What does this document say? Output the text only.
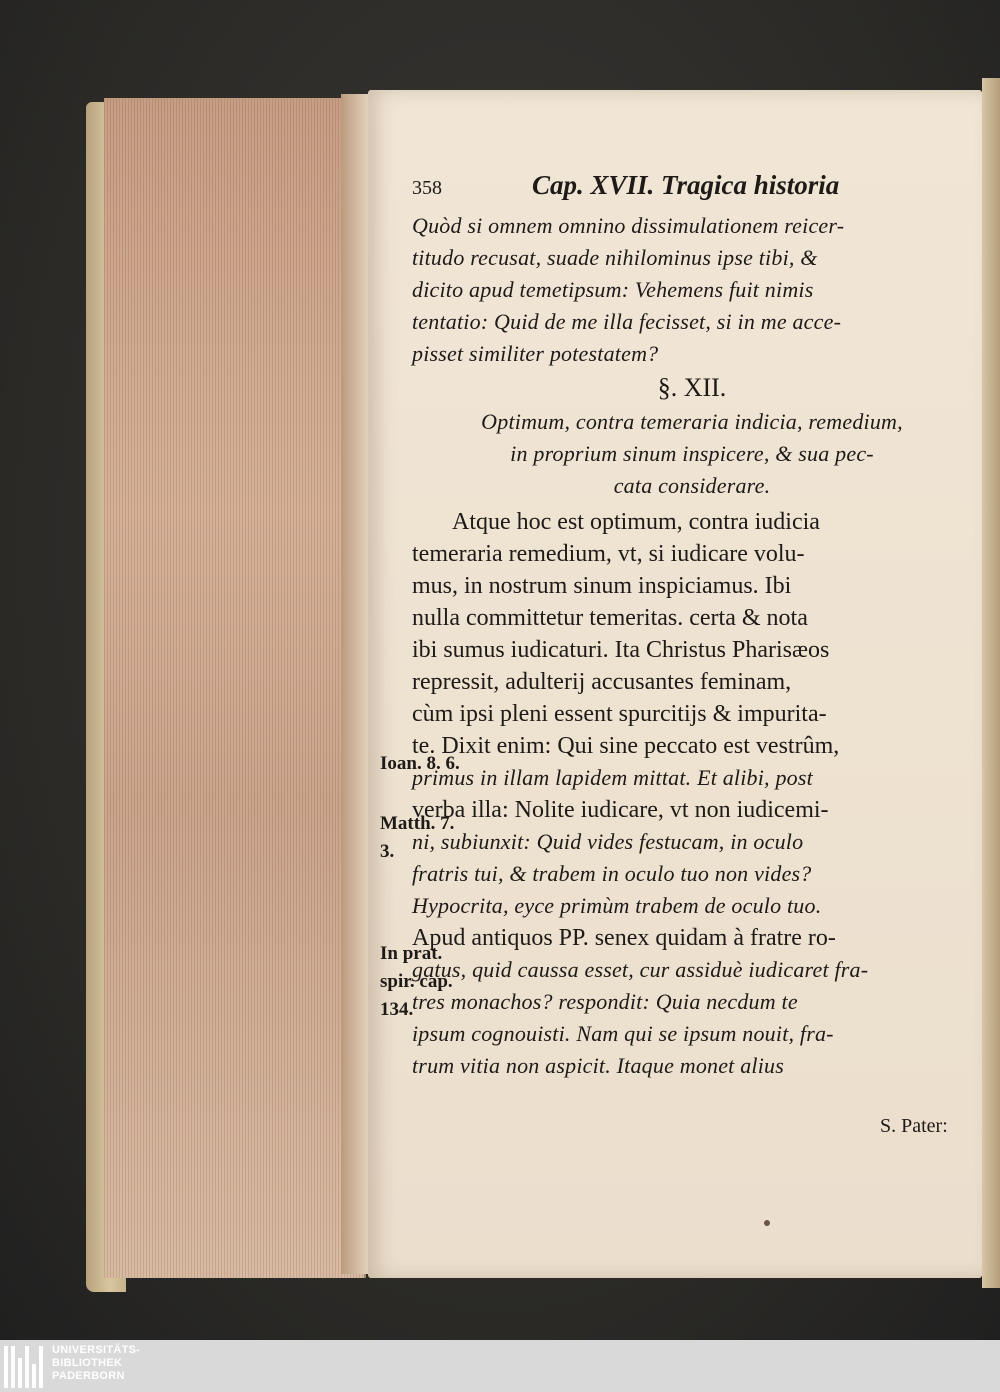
358	Cap. XVII. Tragica historia
Quòd si omnem omnino dissimulationem reicer-
titudo recusat, suade nihilominus ipse tibi, &
dicito apud temetipsum: Vehemens fuit nimis
tentatio: Quid de me illa fecisset, si in me acce-
pisset similiter potestatem?
§. XII.
Optimum, contra temeraria indicia, remedium,
in proprium sinum inspicere, & sua pec-
cata considerare.
Atque hoc est optimum, contra iudicia
temeraria remedium, vt, si iudicare volu-
mus, in nostrum sinum inspiciamus. Ibi
nulla committetur temeritas. certa & nota
ibi sumus iudicaturi. Ita Christus Pharisæos
repressit, adulterij accusantes feminam,
cùm ipsi pleni essent spurcitijs & impurita-
te. Dixit enim: Qui sine peccato est vestrûm,
primus in illam lapidem mittat. Et alibi, post
verba illa: Nolite iudicare, vt non iudicemi-
ni, subiunxit: Quid vides festucam, in oculo
fratris tui, & trabem in oculo tuo non vides?
Hypocrita, eyce primùm trabem de oculo tuo.
Apud antiquos PP. senex quidam à fratre ro-
gatus, quid caussa esset, cur assiduè iudicaret fra-
tres monachos? respondit: Quia necdum te
ipsum cognouisti. Nam qui se ipsum nouit, fra-
trum vitia non aspicit. Itaque monet alius
Ioan. 8. 6.
Matth. 7.
3.
In prat.
spir. cap.
134.
S. Pater:
UNIVERSITÄTS-
BIBLIOTHEK
PADERBORN
